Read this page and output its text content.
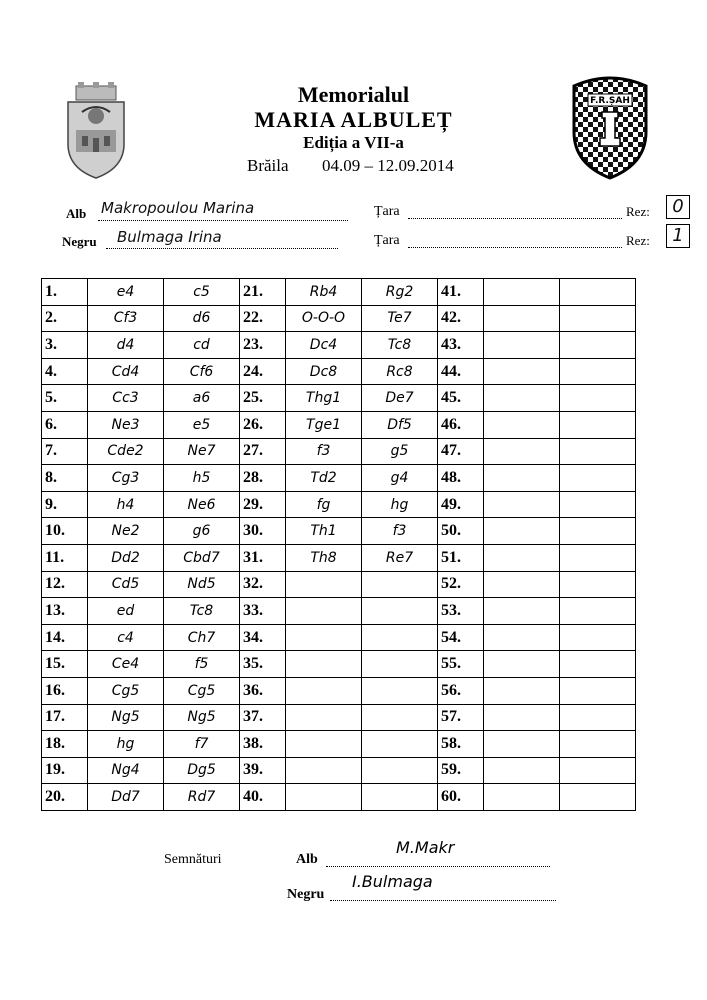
F.R.ȘAH
Memorialul
MARIA ALBULEȚ
Ediția a VII-a
Brăila 04.09 – 12.09.2014
Alb Makropoulou Marina	Țara	Rez:	0
Negru Bulmaga Irina	Țara	Rez:	1
1.	e4	c5	21.	Rb4	Rg2	41.		
2.	Cf3	d6	22.	O-O-O	Te7	42.		
3.	d4	cd	23.	Dc4	Tc8	43.		
4.	Cd4	Cf6	24.	Dc8	Rc8	44.		
5.	Cc3	a6	25.	Thg1	De7	45.		
6.	Ne3	e5	26.	Tge1	Df5	46.		
7.	Cde2	Ne7	27.	f3	g5	47.		
8.	Cg3	h5	28.	Td2	g4	48.		
9.	h4	Ne6	29.	fg	hg	49.		
10.	Ne2	g6	30.	Th1	f3	50.		
11.	Dd2	Cbd7	31.	Th8	Re7	51.		
12.	Cd5	Nd5	32.			52.		
13.	ed	Tc8	33.			53.		
14.	c4	Ch7	34.			54.		
15.	Ce4	f5	35.			55.		
16.	Cg5	Cg5	36.			56.		
17.	Ng5	Ng5	37.			57.		
18.	hg	f7	38.			58.		
19.	Ng4	Dg5	39.			59.		
20.	Dd7	Rd7	40.			60.		
Semnături	Alb
M.Makr
Negru
I.Bulmaga
